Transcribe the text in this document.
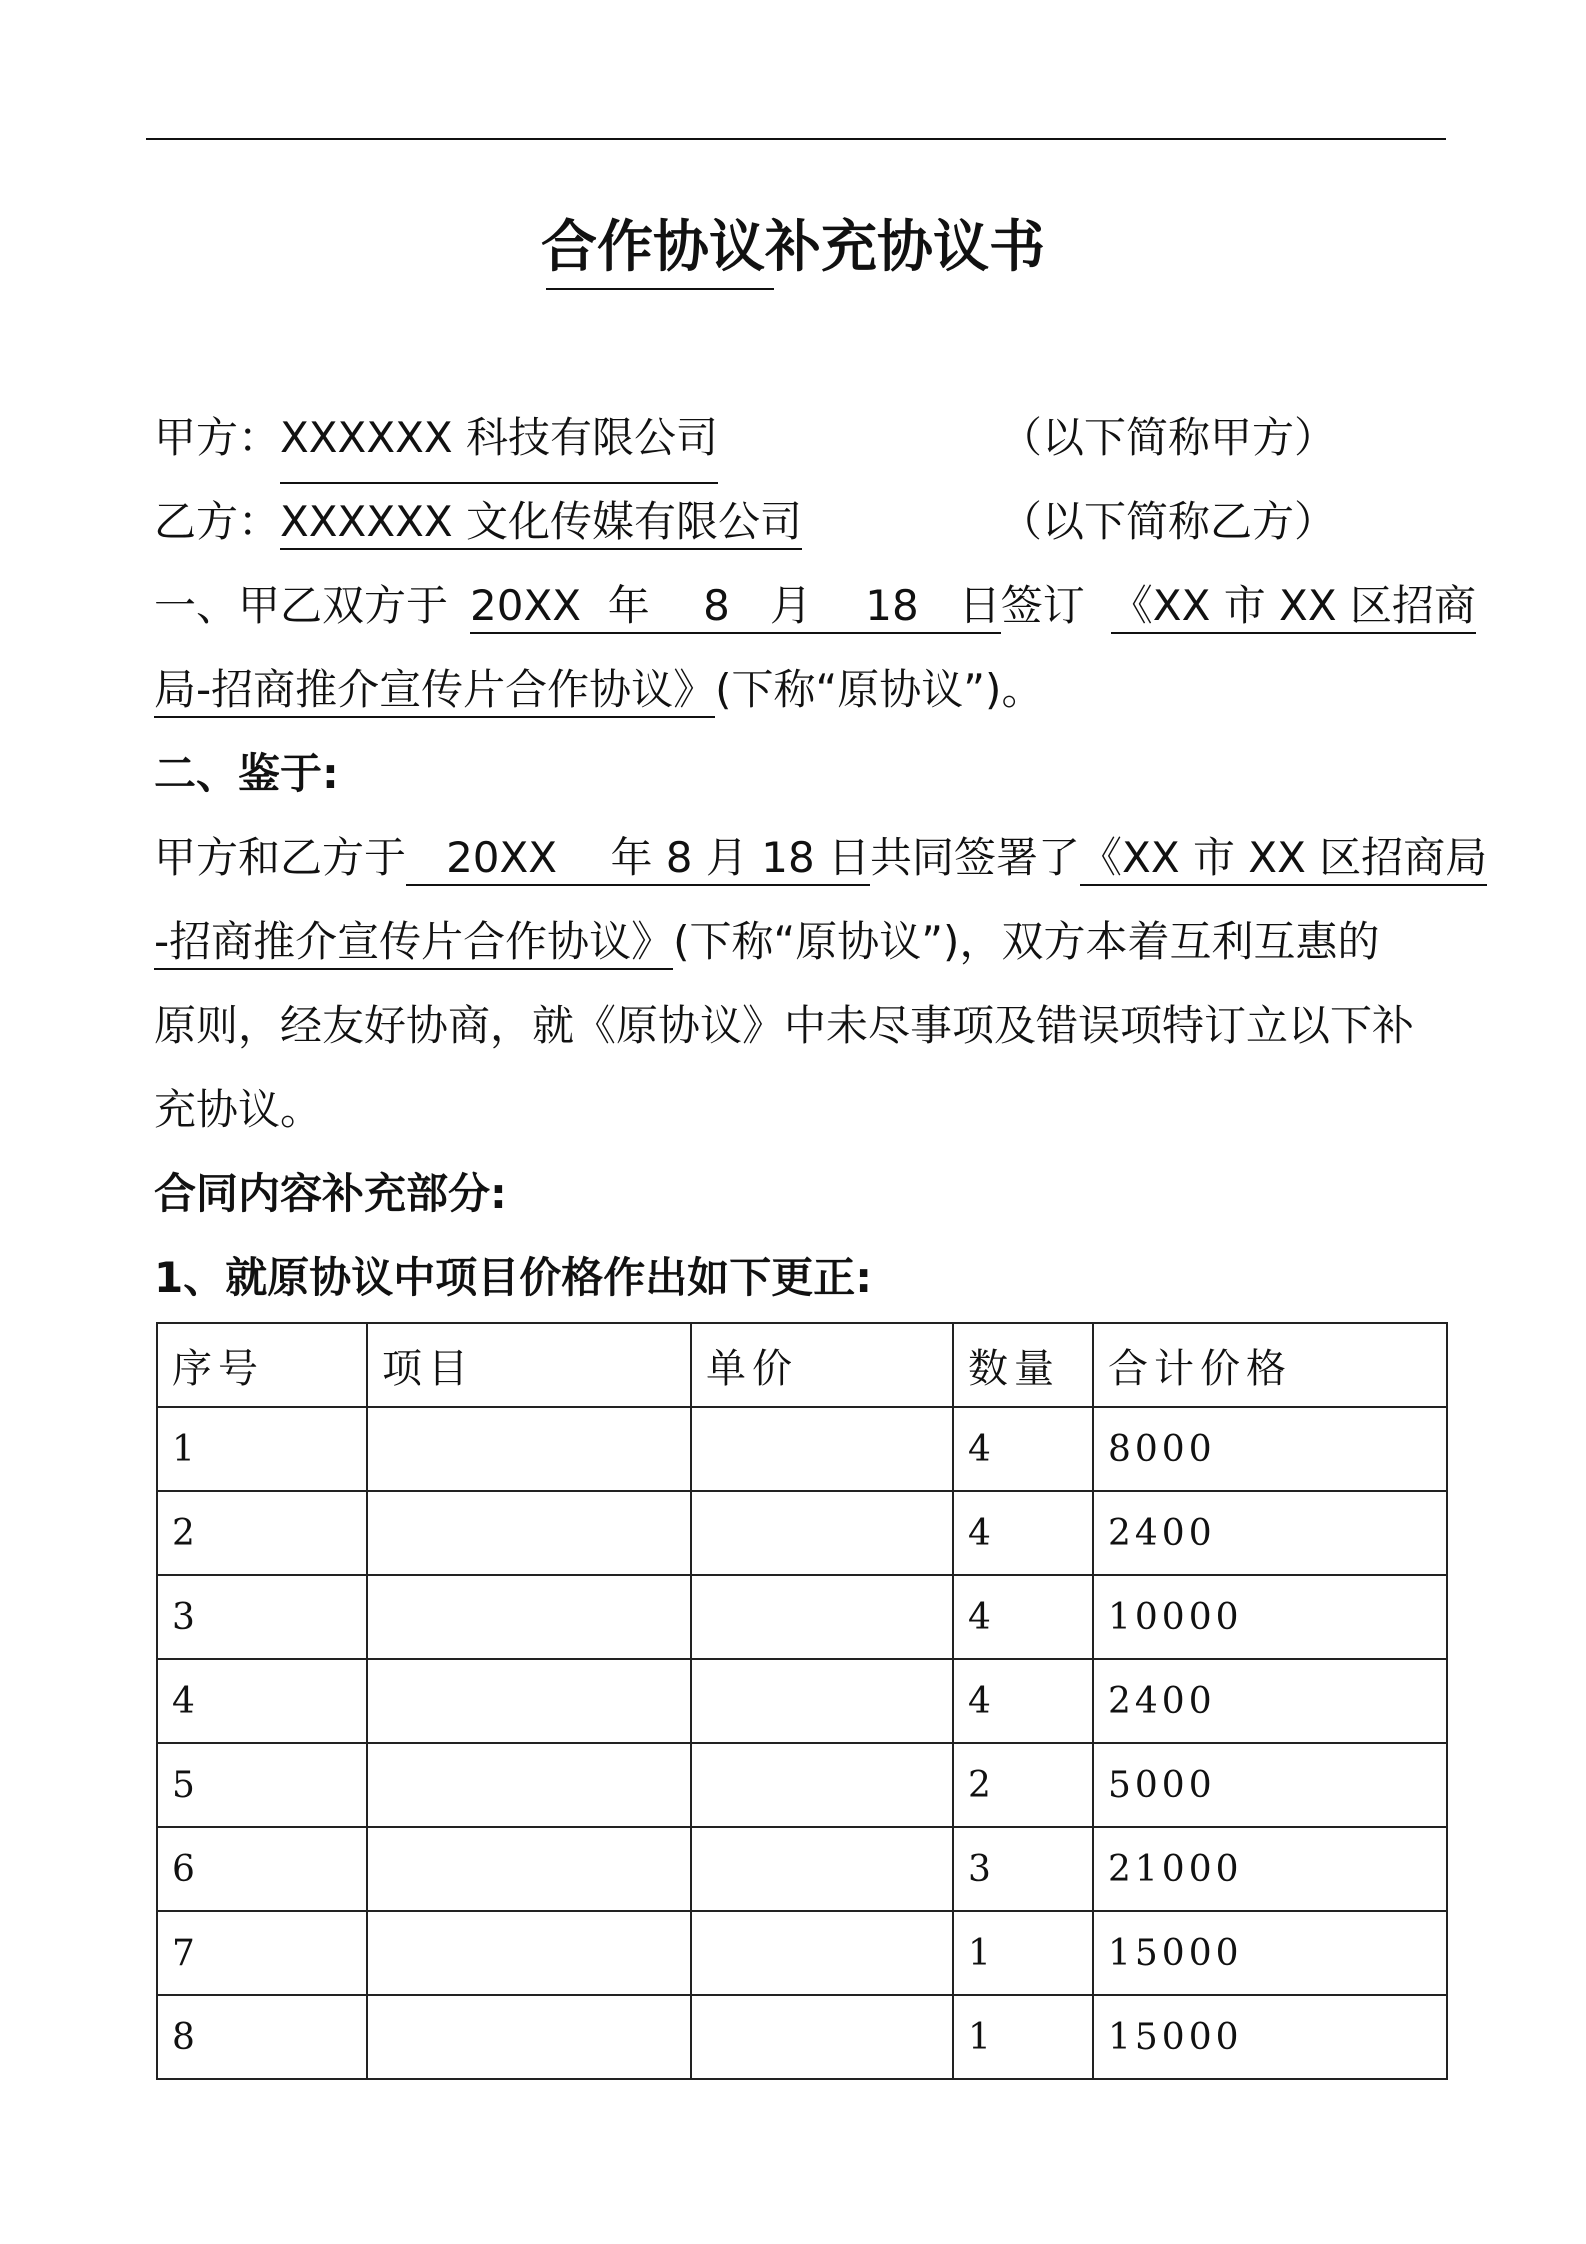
合作协议补充协议书
甲方：XXXXXX 科技有限公司	（以下简称甲方）
乙方：XXXXXX 文化传媒有限公司	（以下简称乙方）
一、甲乙双方于 20XX  年    8   月    18   日签订 《XX 市 XX 区招商
局-招商推介宣传片合作协议》(下称“原协议”)。
二、鉴于:
甲方和乙方于   20XX    年 8 月 18 日共同签署了《XX 市 XX 区招商局
-招商推介宣传片合作协议》(下称“原协议”)，双方本着互利互惠的
原则，经友好协商，就《原协议》中未尽事项及错误项特订立以下补
充协议。
合同内容补充部分:
1、就原协议中项目价格作出如下更正:
序号	项目	单价	数量	合计价格
1			4	8000
2			4	2400
3			4	10000
4			4	2400
5			2	5000
6			3	21000
7			1	15000
8			1	15000
